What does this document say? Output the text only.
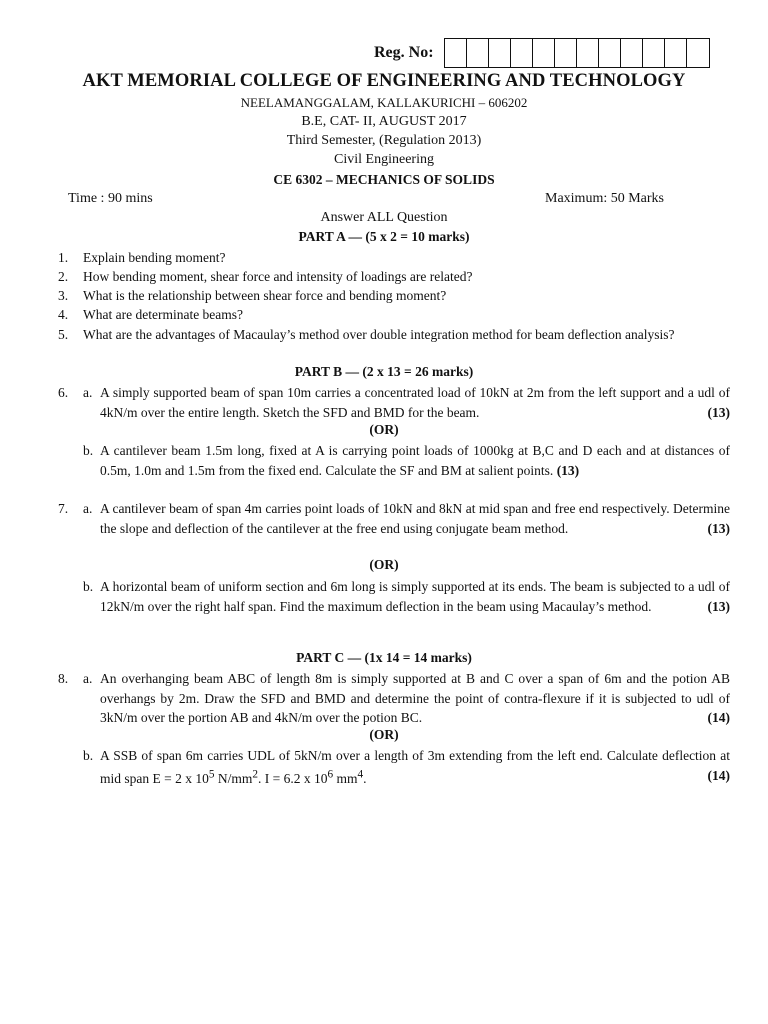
Reg. No:
AKT MEMORIAL COLLEGE OF ENGINEERING AND TECHNOLOGY
NEELAMANGGALAM, KALLAKURICHI – 606202
B.E, CAT- II, AUGUST 2017
Third Semester, (Regulation 2013)
Civil Engineering
CE 6302 – MECHANICS OF SOLIDS
Time : 90 mins	Maximum: 50 Marks
Answer ALL Question
PART A — (5 x 2 = 10 marks)
1. Explain bending moment?
2. How bending moment, shear force and intensity of loadings are related?
3. What is the relationship between shear force and bending moment?
4. What are determinate beams?
5. What are the advantages of Macaulay’s method over double integration method for beam deflection analysis?
PART B — (2 x 13 = 26 marks)
6. a. A simply supported beam of span 10m carries a concentrated load of 10kN at 2m from the left support and a udl of 4kN/m over the entire length. Sketch the SFD and BMD for the beam.	(13)
(OR)
b. A cantilever beam 1.5m long, fixed at A is carrying point loads of 1000kg at B,C and D each and at distances of 0.5m, 1.0m and 1.5m from the fixed end. Calculate the SF and BM at salient points. (13)
7. a. A cantilever beam of span 4m carries point loads of 10kN and 8kN at mid span and free end respectively. Determine the slope and deflection of the cantilever at the free end using conjugate beam method.	(13)
(OR)
b. A horizontal beam of uniform section and 6m long is simply supported at its ends. The beam is subjected to a udl of 12kN/m over the right half span. Find the maximum deflection in the beam using Macaulay’s method.	(13)
PART C — (1x 14 = 14 marks)
8. a. An overhanging beam ABC of length 8m is simply supported at B and C over a span of 6m and the potion AB overhangs by 2m. Draw the SFD and BMD and determine the point of contra-flexure if it is subjected to udl of 3kN/m over the portion AB and 4kN/m over the potion BC.	(14)
(OR)
b. A SSB of span 6m carries UDL of 5kN/m over a length of 3m extending from the left end. Calculate deflection at mid span E = 2 x $10^5$ $N/mm^2$. I = 6.2 x $10^6$ $mm^4$.	(14)
